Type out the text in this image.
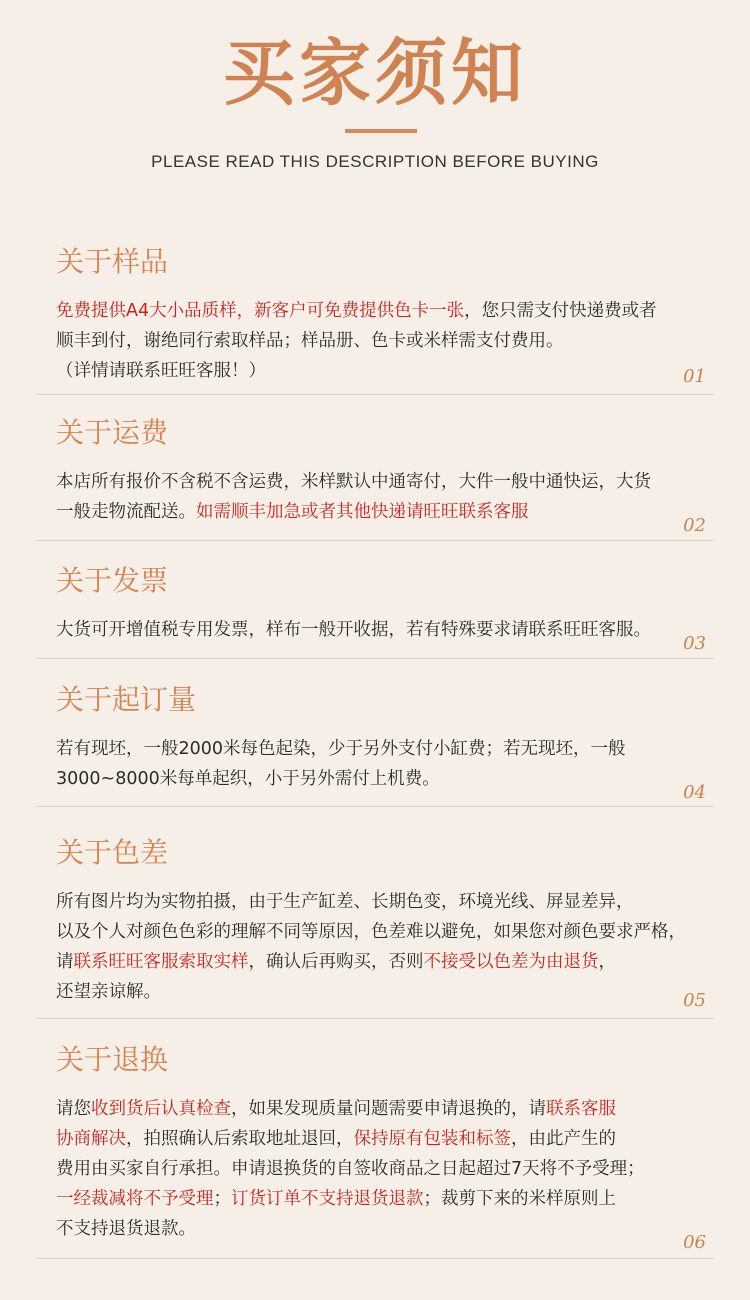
买家须知
PLEASE READ THIS DESCRIPTION BEFORE BUYING
关于样品
免费提供A4大小品质样，新客户可免费提供色卡一张，您只需支付快递费或者
顺丰到付，谢绝同行索取样品；样品册、色卡或米样需支付费用。
（详情请联系旺旺客服！）	01
关于运费
本店所有报价不含税不含运费，米样默认中通寄付，大件一般中通快运，大货
一般走物流配送。如需顺丰加急或者其他快递请旺旺联系客服
02
关于发票
大货可开增值税专用发票，样布一般开收据，若有特殊要求请联系旺旺客服。
03
关于起订量
若有现坯，一般2000米每色起染，少于另外支付小缸费；若无现坯，一般
3000~8000米每单起织，小于另外需付上机费。
04
关于色差
所有图片均为实物拍摄，由于生产缸差、长期色变，环境光线、屏显差异，
以及个人对颜色色彩的理解不同等原因，色差难以避免，如果您对颜色要求严格，
请联系旺旺客服索取实样，确认后再购买，否则不接受以色差为由退货，
还望亲谅解。	05
关于退换
请您收到货后认真检查，如果发现质量问题需要申请退换的，请联系客服
协商解决，拍照确认后索取地址退回，保持原有包装和标签，由此产生的
费用由买家自行承担。申请退换货的自签收商品之日起超过7天将不予受理；
一经裁减将不予受理；订货订单不支持退货退款；裁剪下来的米样原则上
不支持退货退款。
06
